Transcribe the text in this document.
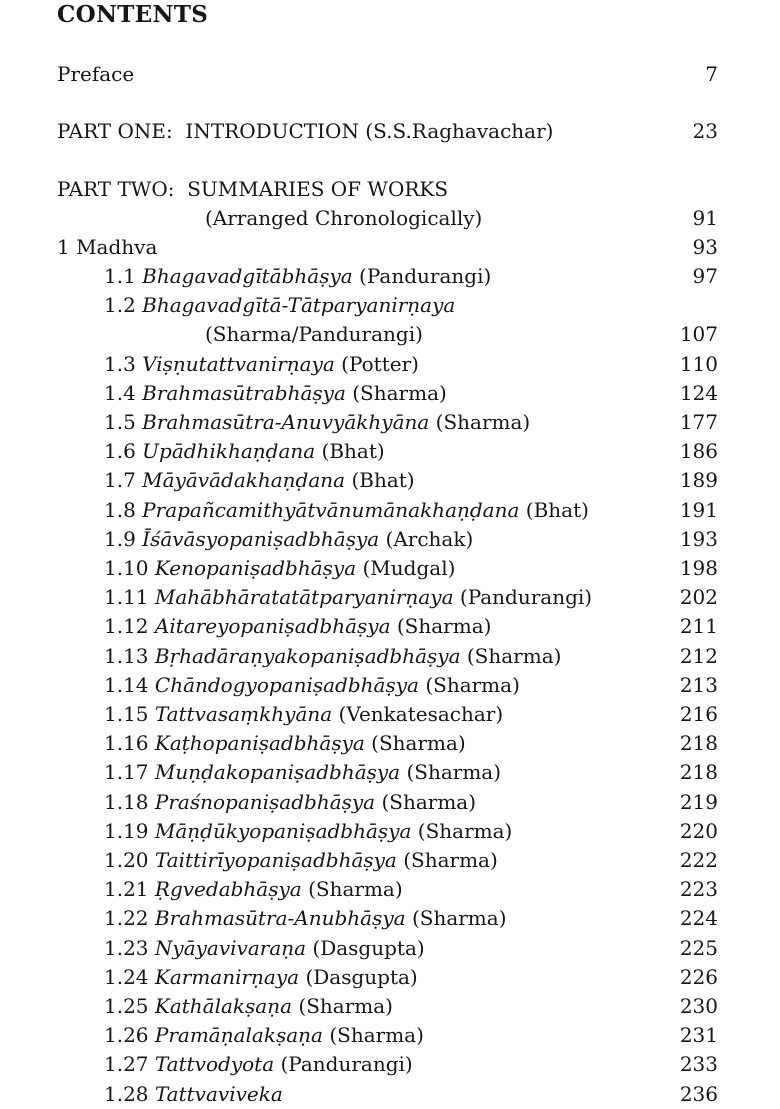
CONTENTS
Preface	7
PART ONE:  INTRODUCTION (S.S.Raghavachar)	23
PART TWO:  SUMMARIES OF WORKS
(Arranged Chronologically)	91
1 Madhva	93
1.1 Bhagavadgītābhāṣya (Pandurangi)	97
1.2 Bhagavadgītā-Tātparyanirṇaya
(Sharma/Pandurangi)	107
1.3 Viṣṇutattvanirṇaya (Potter)	110
1.4 Brahmasūtrabhāṣya (Sharma)	124
1.5 Brahmasūtra-Anuvyākhyāna (Sharma)	177
1.6 Upādhikhaṇḍana (Bhat)	186
1.7 Māyāvādakhaṇḍana (Bhat)	189
1.8 Prapañcamithyātvānumānakhaṇḍana (Bhat)	191
1.9 Īśāvāsyopaniṣadbhāṣya (Archak)	193
1.10 Kenopaniṣadbhāṣya (Mudgal)	198
1.11 Mahābhāratatātparyanirṇaya (Pandurangi)	202
1.12 Aitareyopaniṣadbhāṣya (Sharma)	211
1.13 Bṛhadāraṇyakopaniṣadbhāṣya (Sharma)	212
1.14 Chāndogyopaniṣadbhāṣya (Sharma)	213
1.15 Tattvasaṃkhyāna (Venkatesachar)	216
1.16 Kaṭhopaniṣadbhāṣya (Sharma)	218
1.17 Muṇḍakopaniṣadbhāṣya (Sharma)	218
1.18 Praśnopaniṣadbhāṣya (Sharma)	219
1.19 Māṇḍūkyopaniṣadbhāṣya (Sharma)	220
1.20 Taittirīyopaniṣadbhāṣya (Sharma)	222
1.21 Ṛgvedabhāṣya (Sharma)	223
1.22 Brahmasūtra-Anubhāṣya (Sharma)	224
1.23 Nyāyavivaraṇa (Dasgupta)	225
1.24 Karmanirṇaya (Dasgupta)	226
1.25 Kathālakṣaṇa (Sharma)	230
1.26 Pramāṇalakṣaṇa (Sharma)	231
1.27 Tattvodyota (Pandurangi)	233
1.28 Tattvaviveka	236
